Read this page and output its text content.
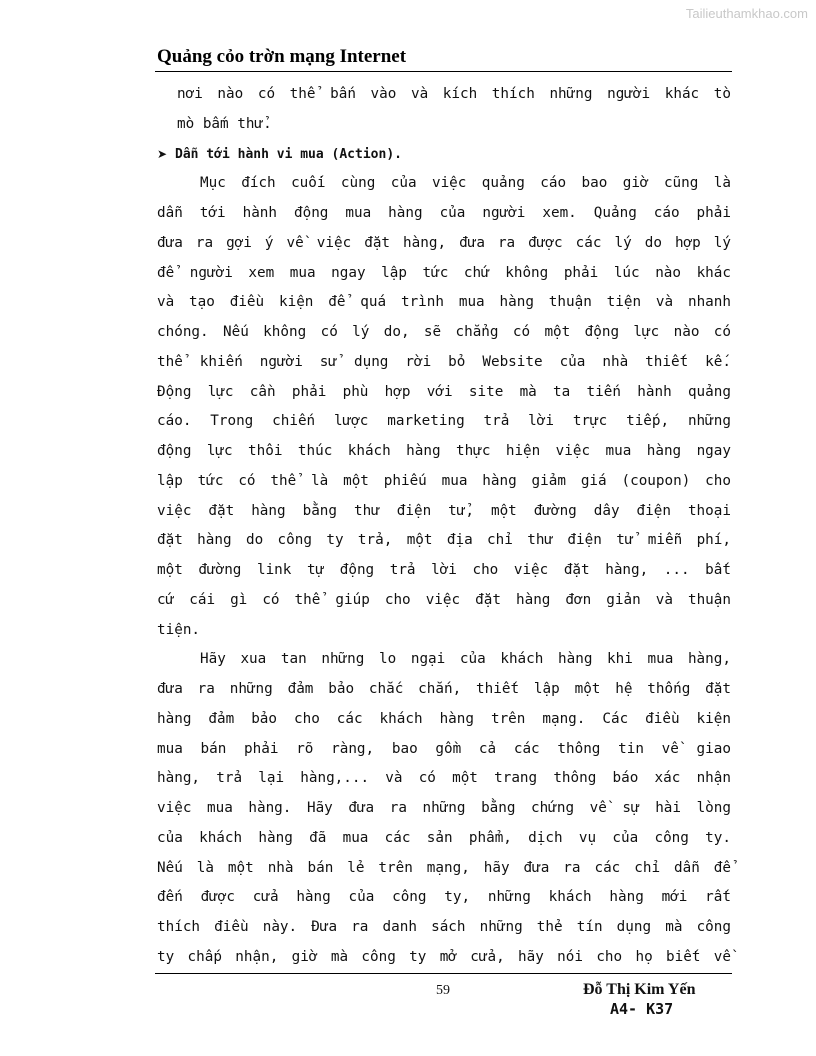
Tailieuthamkhao.com
Quảng cỏo trờn mạng Internet
nơi nào có thể bấn vào và kích thích những người khác tò
mò bấm thử.
➤ Dẫn tới hành vi mua (Action).
Mục đích cuối cùng của việc quảng cáo bao giờ cũng là
dẫn tới hành động mua hàng của người xem. Quảng cáo phải
đưa ra gợi ý về việc đặt hàng, đưa ra được các lý do hợp lý
để người xem mua ngay lập tức chứ không phải lúc nào khác
và tạo điều kiện để quá trình mua hàng thuận tiện và nhanh
chóng. Nếu không có lý do, sẽ chẳng có một động lực nào có
thể khiến người sử dụng rời bỏ Website của nhà thiết kế.
Động lực cần phải phù hợp với site mà ta tiến hành quảng
cáo. Trong chiến lược marketing trả lời trực tiếp, những
động lực thôi thúc khách hàng thực hiện việc mua hàng ngay
lập tức có thể là một phiếu mua hàng giảm giá (coupon) cho
việc đặt hàng bằng thư điện tử, một đường dây điện thoại
đặt hàng do công ty trả, một địa chỉ thư điện tử miễn phí,
một đường link tự động trả lời cho việc đặt hàng, ... bất
cứ cái gì có thể giúp cho việc đặt hàng đơn giản và thuận
tiện.
Hãy xua tan những lo ngại của khách hàng khi mua hàng,
đưa ra những đảm bảo chắc chắn, thiết lập một hệ thống đặt
hàng đảm bảo cho các khách hàng trên mạng. Các điều kiện
mua bán phải rõ ràng, bao gồm cả các thông tin về giao
hàng, trả lại hàng,... và có một trang thông báo xác nhận
việc mua hàng. Hãy đưa ra những bằng chứng về sự hài lòng
của khách hàng đã mua các sản phẩm, dịch vụ của công ty.
Nếu là một nhà bán lẻ trên mạng, hãy đưa ra các chỉ dẫn để
đến được cửa hàng của công ty, những khách hàng mới rất
thích điều này. Đưa ra danh sách những thẻ tín dụng mà công
ty chấp nhận, giờ mà công ty mở cửa, hãy nói cho họ biết về
59	Đỗ Thị Kim Yến
A4- K37
